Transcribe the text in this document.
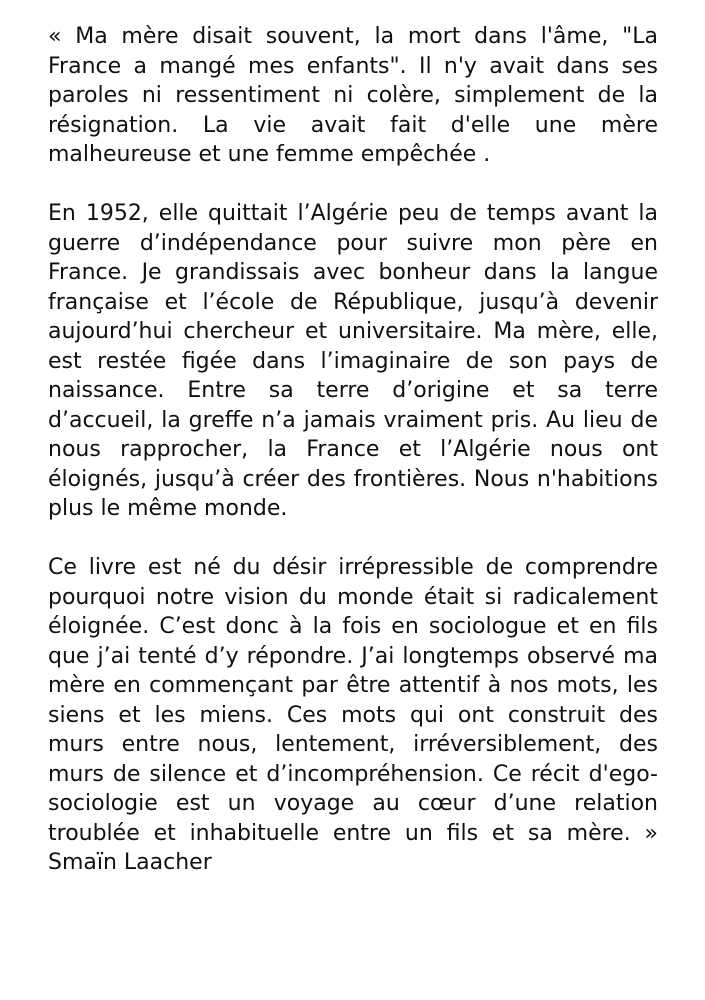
« Ma mère disait souvent, la mort dans l'âme, "La France a mangé mes enfants". Il n'y avait dans ses paroles ni ressentiment ni colère, simplement de la résignation. La vie avait fait d'elle une mère malheureuse et une femme empêchée .

En 1952, elle quittait l’Algérie peu de temps avant la guerre d’indépendance pour suivre mon père en France. Je grandissais avec bonheur dans la langue française et l’école de République, jusqu’à devenir aujourd’hui chercheur et universitaire. Ma mère, elle, est restée figée dans l’imaginaire de son pays de naissance. Entre sa terre d’origine et sa terre d’accueil, la greffe n’a jamais vraiment pris. Au lieu de nous rapprocher, la France et l’Algérie nous ont éloignés, jusqu’à créer des frontières. Nous n'habitions plus le même monde.

Ce livre est né du désir irrépressible de comprendre pourquoi notre vision du monde était si radicalement éloignée. C’est donc à la fois en sociologue et en fils que j’ai tenté d’y répondre. J’ai longtemps observé ma mère en commençant par être attentif à nos mots, les siens et les miens. Ces mots qui ont construit des murs entre nous, lentement, irréversiblement, des murs de silence et d’incompréhension. Ce récit d'ego-sociologie est un voyage au cœur d’une relation troublée et inhabituelle entre un fils et sa mère. » Smaïn Laacher
